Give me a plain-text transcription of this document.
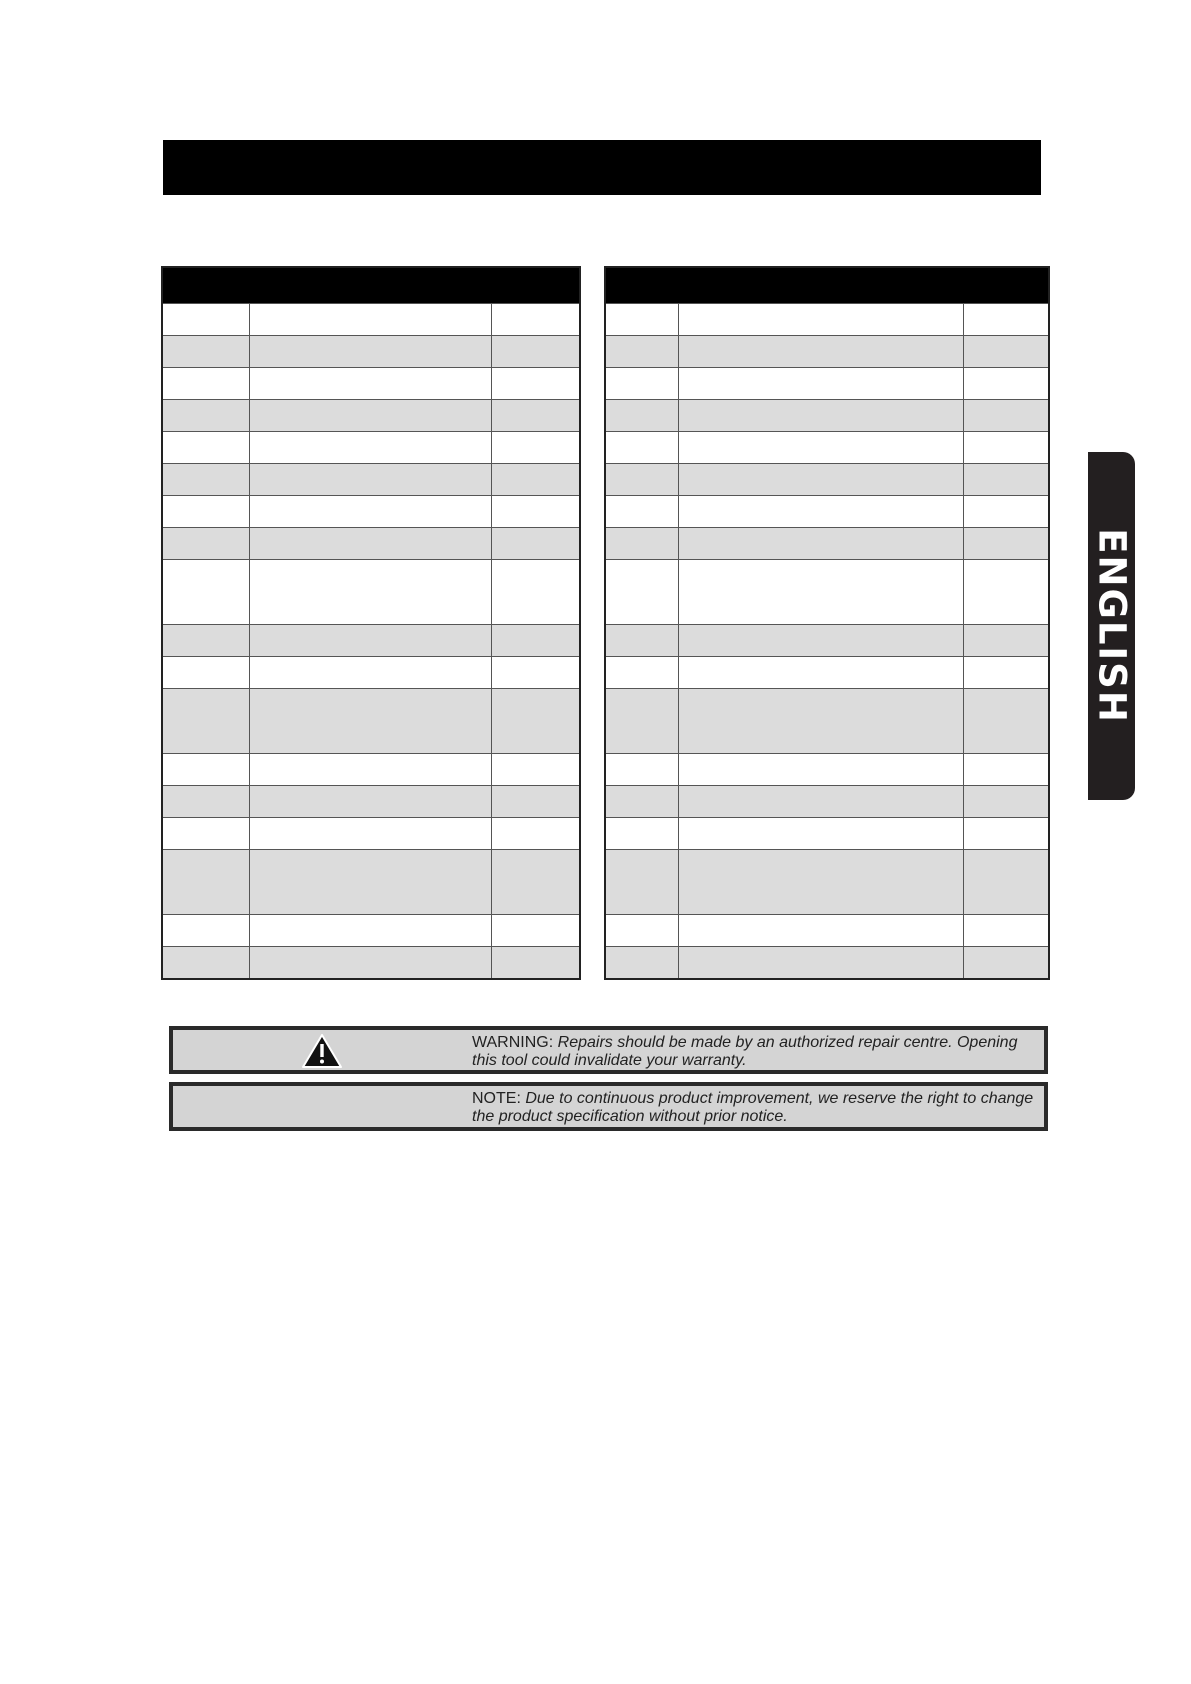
ENGLISH
WARNING: Repairs should be made by an authorized repair centre. Opening this tool could invalidate your warranty.
NOTE: Due to continuous product improvement, we reserve the right to change the product specification without prior notice.
